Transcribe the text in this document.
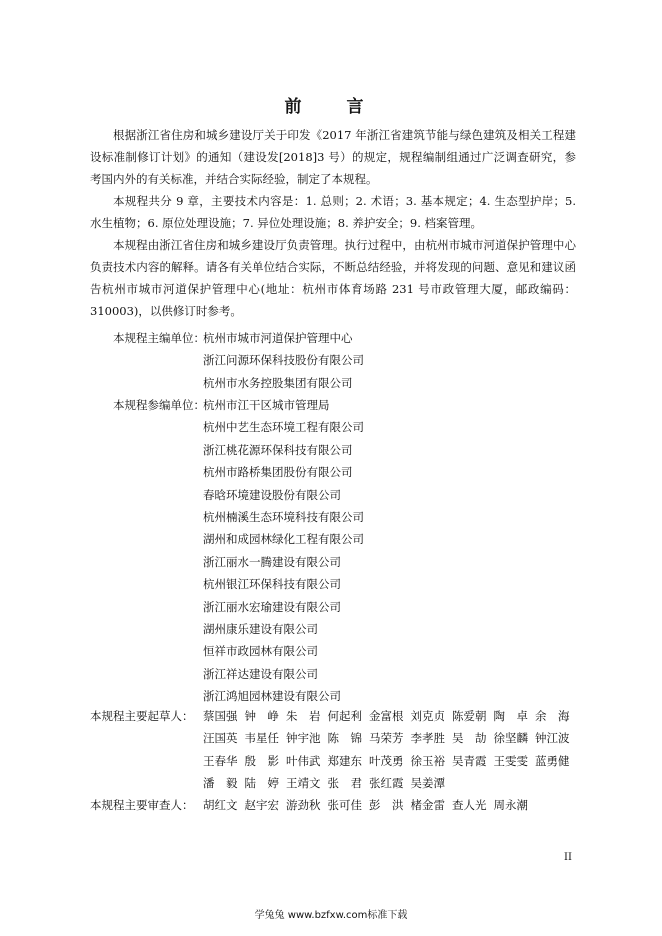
前　言

根据浙江省住房和城乡建设厅关于印发《2017 年浙江省建筑节能与绿色建筑及相关工程建设标准制修订计划》的通知（建设发[2018]3 号）的规定，规程编制组通过广泛调查研究，参考国内外的有关标准，并结合实际经验，制定了本规程。

本规程共分 9 章，主要技术内容是：1. 总则；2. 术语；3. 基本规定；4. 生态型护岸；5.水生植物；6. 原位处理设施；7. 异位处理设施；8. 养护安全；9. 档案管理。

本规程由浙江省住房和城乡建设厅负责管理。执行过程中，由杭州市城市河道保护管理中心负责技术内容的解释。请各有关单位结合实际，不断总结经验，并将发现的问题、意见和建议函告杭州市城市河道保护管理中心(地址：杭州市体育场路 231 号市政管理大厦，邮政编码：310003)，以供修订时参考。

本规程主编单位：杭州市城市河道保护管理中心
浙江问源环保科技股份有限公司
杭州市水务控股集团有限公司
本规程参编单位：杭州市江干区城市管理局
杭州中艺生态环境工程有限公司
浙江桃花源环保科技有限公司
杭州市路桥集团股份有限公司
春晗环境建设股份有限公司
杭州楠溪生态环境科技有限公司
湖州和成园林绿化工程有限公司
浙江丽水一腾建设有限公司
杭州银江环保科技有限公司
浙江丽水宏瑜建设有限公司
湖州康乐建设有限公司
恒祥市政园林有限公司
浙江祥达建设有限公司
浙江鸿旭园林建设有限公司
本规程主要起草人： 蔡国强 钟　峥 朱　岩 何起利 金富根 刘克贞 陈爱朝 陶　卓 余　海
汪国英 韦星任 钟宇池 陈　锦 马荣芳 李孝胜 吴　劼 徐坚麟 钟江波
王春华 殷　影 叶伟武 郑建东 叶茂勇 徐玉裕 吴青霞 王雯雯 蓝勇健
潘　毅 陆　婷 王靖文 张　君 张红霞 吴姜潭
本规程主要审查人： 胡红文 赵宇宏 游劲秋 张可佳 彭　洪 楮金雷 查人光 周永潮
II
学兔兔 www.bzfxw.com标准下载
